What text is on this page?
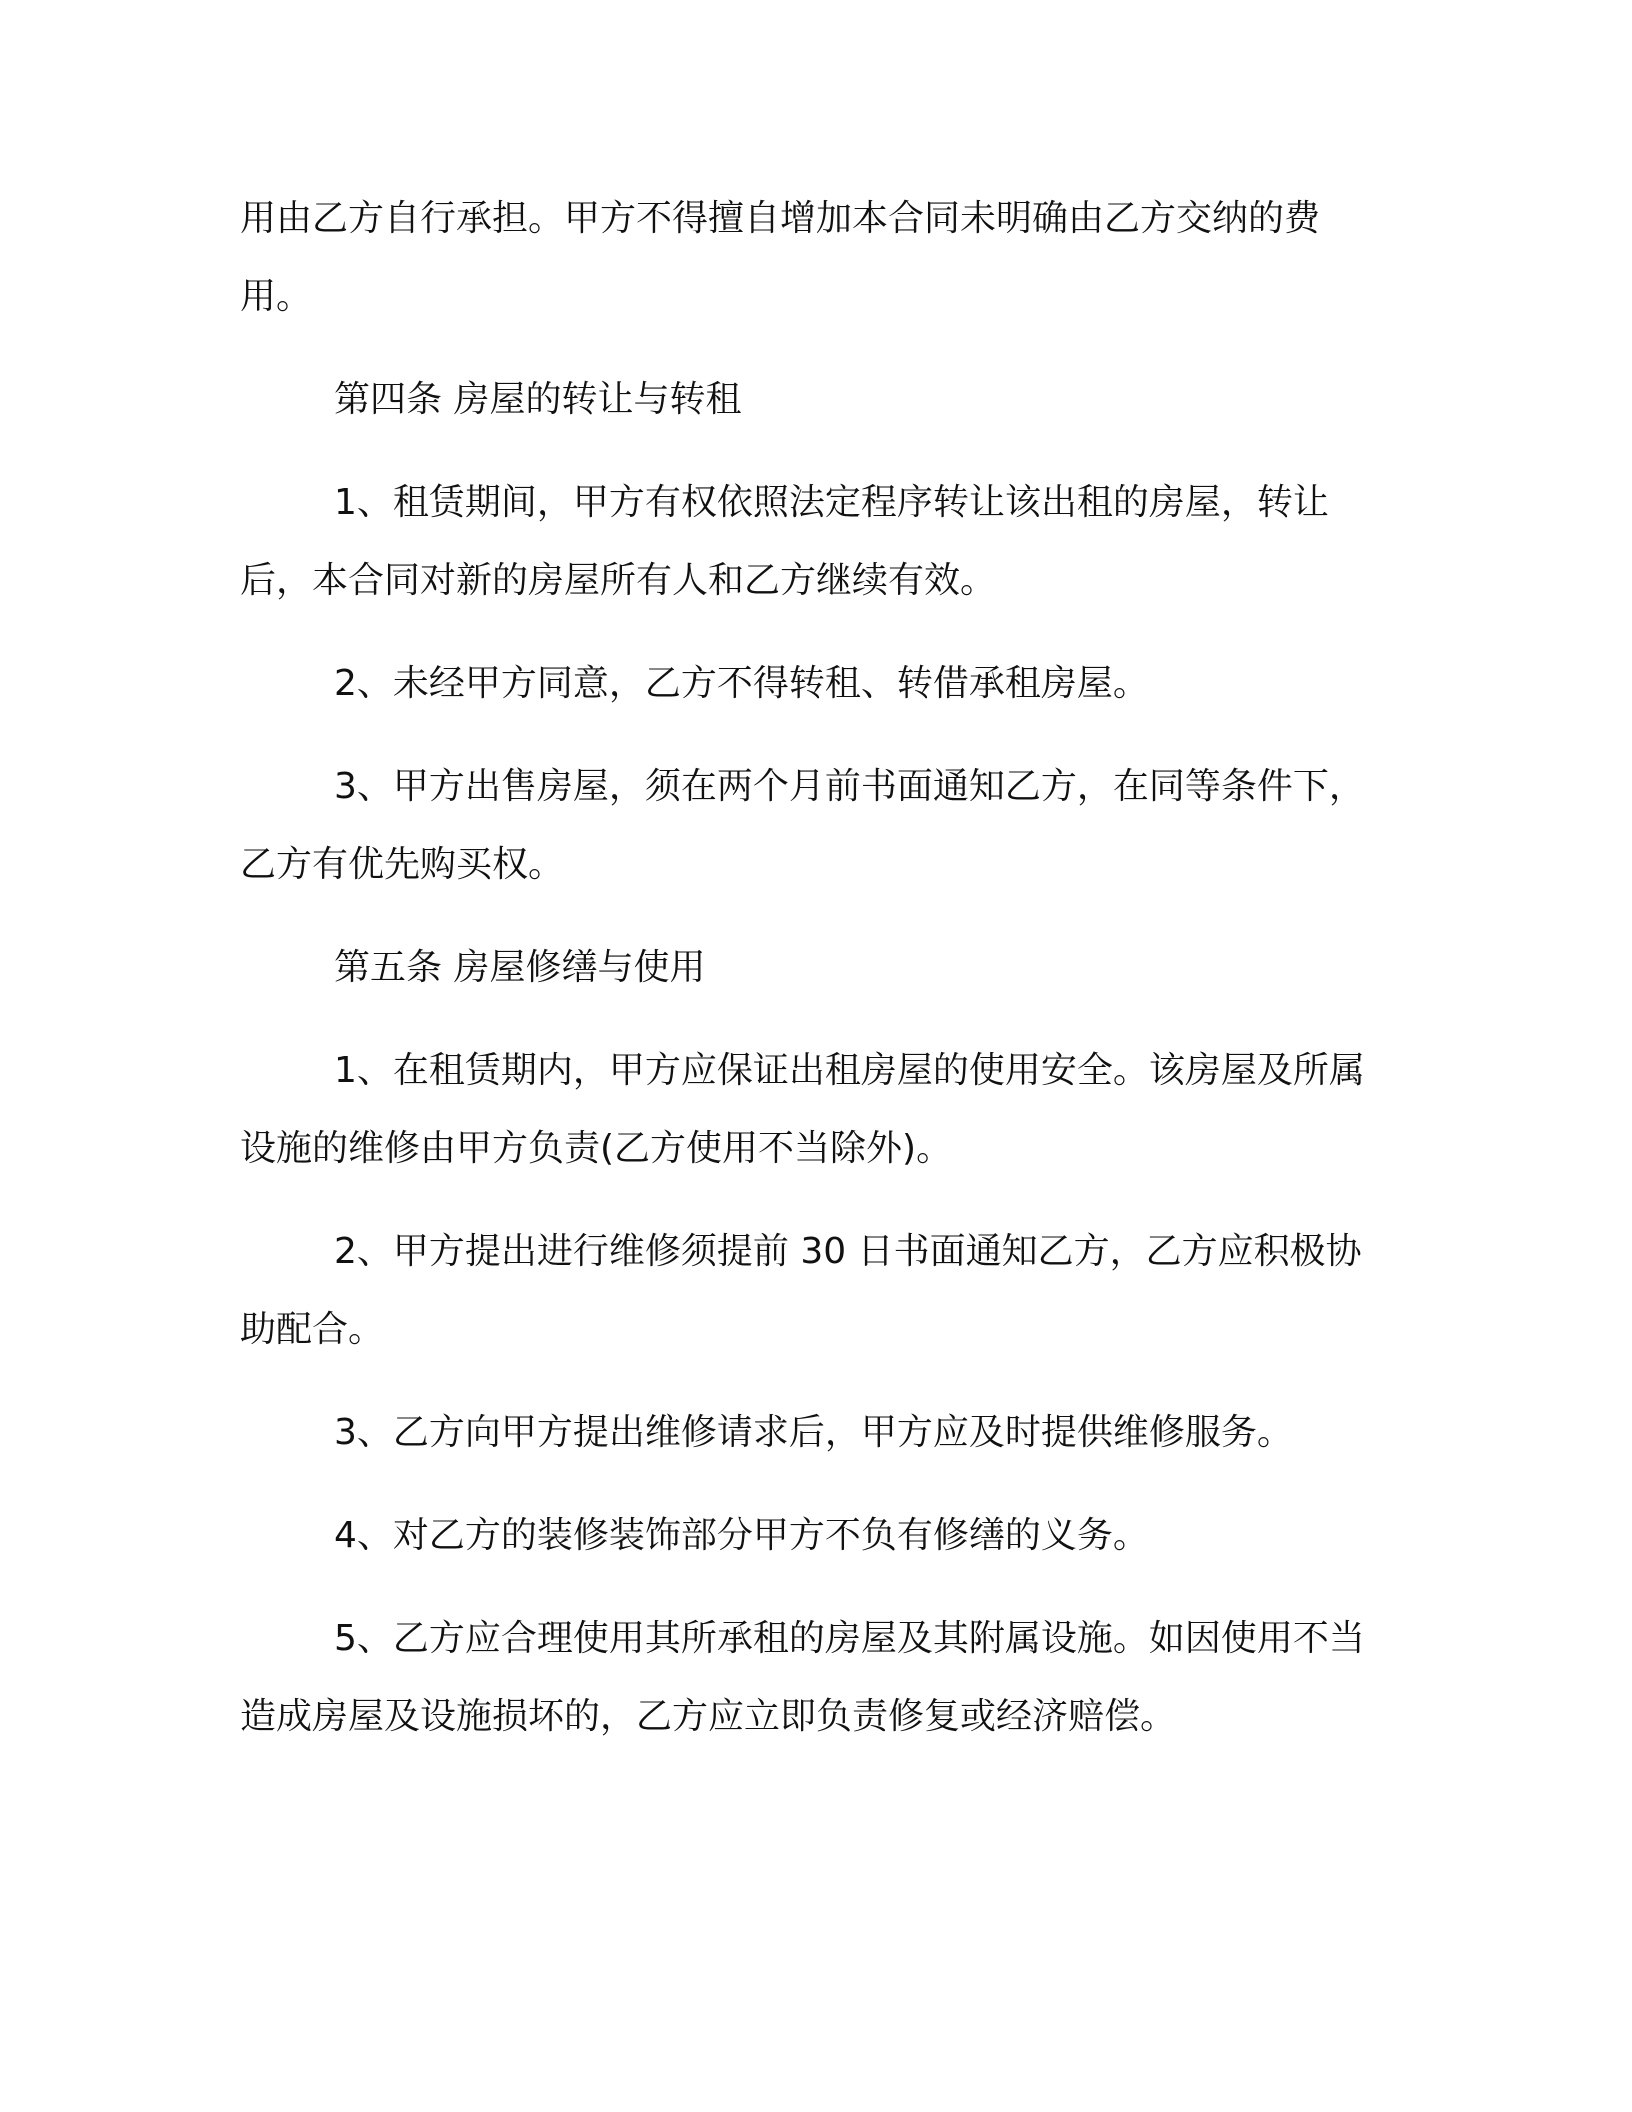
用由乙方自行承担。甲方不得擅自增加本合同未明确由乙方交纳的费用。

第四条 房屋的转让与转租

1、租赁期间，甲方有权依照法定程序转让该出租的房屋，转让后，本合同对新的房屋所有人和乙方继续有效。

2、未经甲方同意，乙方不得转租、转借承租房屋。

3、甲方出售房屋，须在两个月前书面通知乙方，在同等条件下，乙方有优先购买权。

第五条 房屋修缮与使用

1、在租赁期内，甲方应保证出租房屋的使用安全。该房屋及所属设施的维修由甲方负责(乙方使用不当除外)。

2、甲方提出进行维修须提前 30 日书面通知乙方，乙方应积极协助配合。

3、乙方向甲方提出维修请求后，甲方应及时提供维修服务。

4、对乙方的装修装饰部分甲方不负有修缮的义务。

5、乙方应合理使用其所承租的房屋及其附属设施。如因使用不当造成房屋及设施损坏的，乙方应立即负责修复或经济赔偿。
